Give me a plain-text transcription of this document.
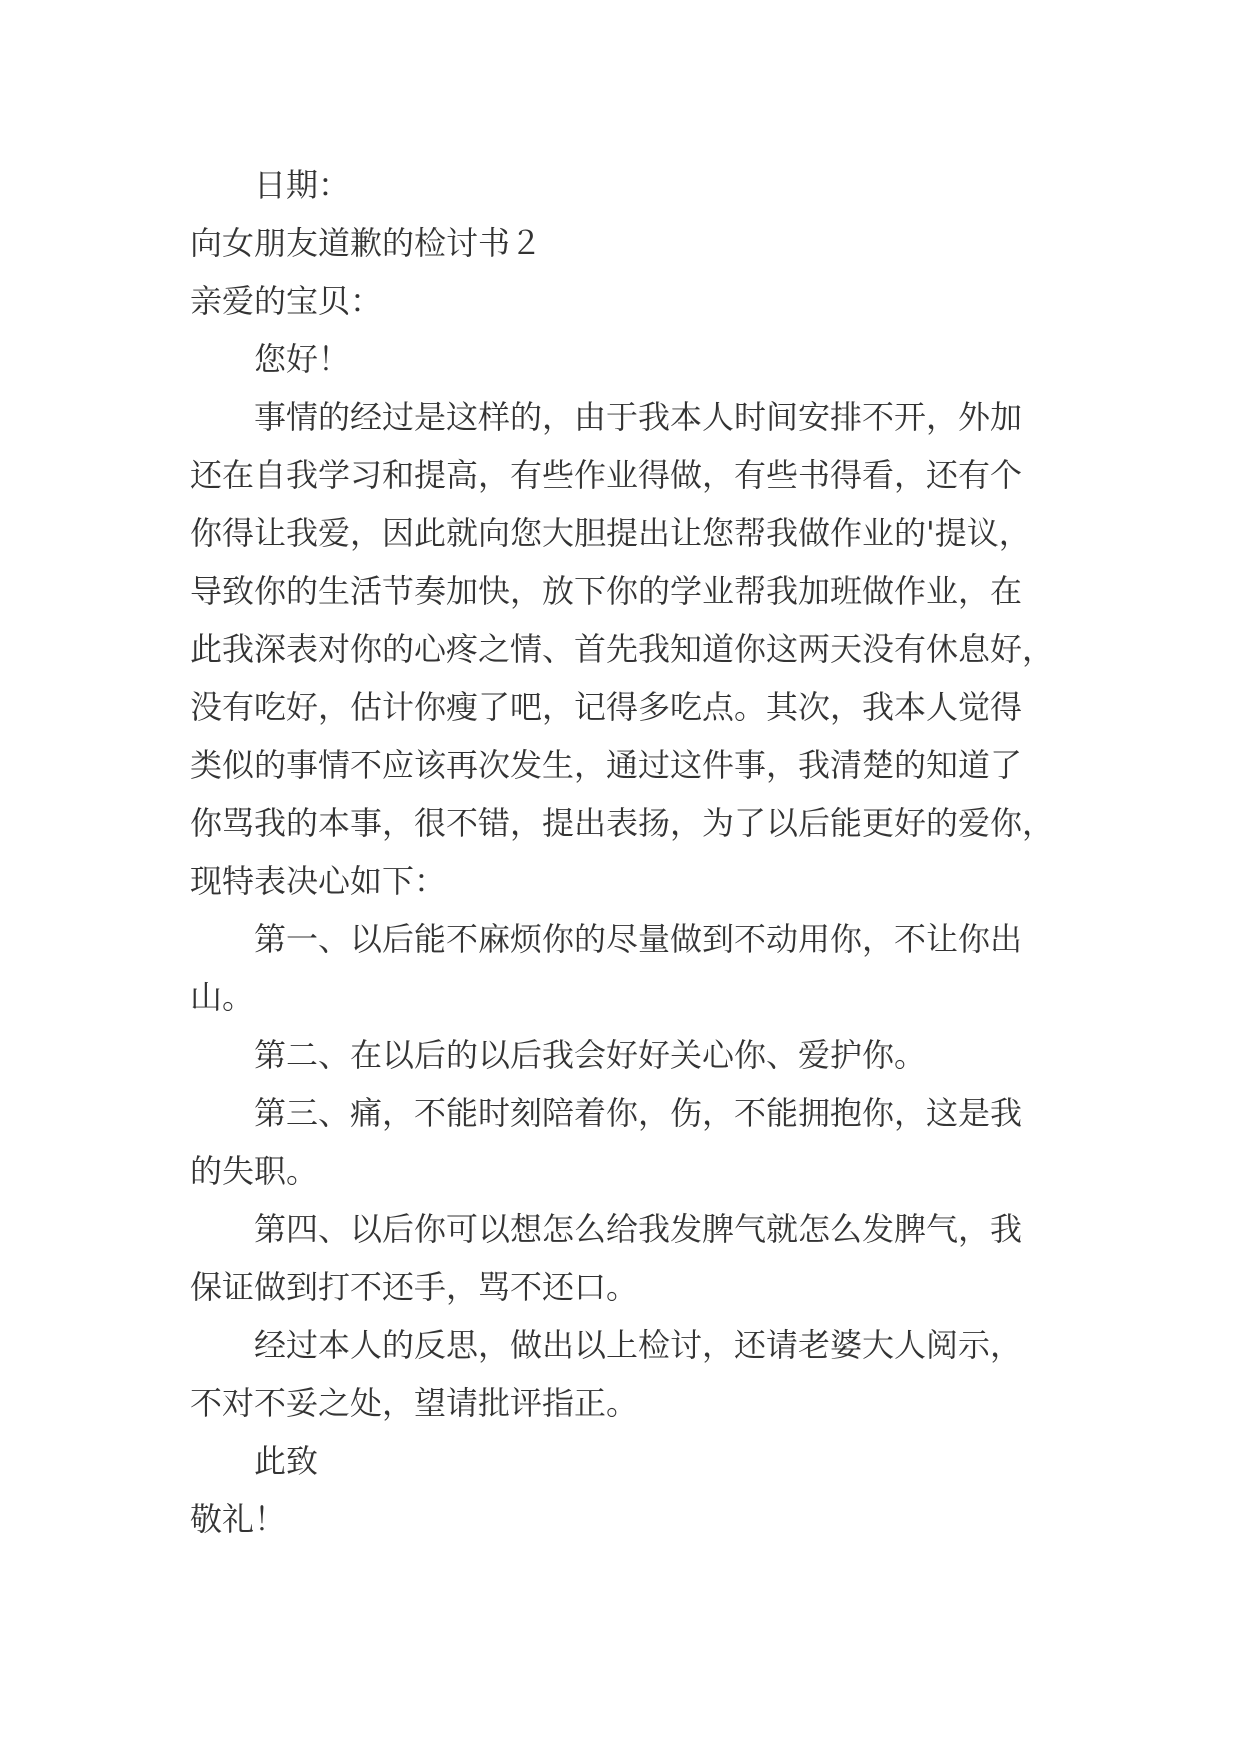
日期：
向女朋友道歉的检讨书２
亲爱的宝贝：
您好！
事情的经过是这样的，由于我本人时间安排不开，外加
还在自我学习和提高，有些作业得做，有些书得看，还有个
你得让我爱，因此就向您大胆提出让您帮我做作业的'提议，
导致你的生活节奏加快，放下你的学业帮我加班做作业，在
此我深表对你的心疼之情、首先我知道你这两天没有休息好，
没有吃好，估计你瘦了吧，记得多吃点。其次，我本人觉得
类似的事情不应该再次发生，通过这件事，我清楚的知道了
你骂我的本事，很不错，提出表扬，为了以后能更好的爱你，
现特表决心如下：
第一、以后能不麻烦你的尽量做到不动用你，不让你出
山。
第二、在以后的以后我会好好关心你、爱护你。
第三、痛，不能时刻陪着你，伤，不能拥抱你，这是我
的失职。
第四、以后你可以想怎么给我发脾气就怎么发脾气，我
保证做到打不还手，骂不还口。
经过本人的反思，做出以上检讨，还请老婆大人阅示，
不对不妥之处，望请批评指正。
此致
敬礼！
